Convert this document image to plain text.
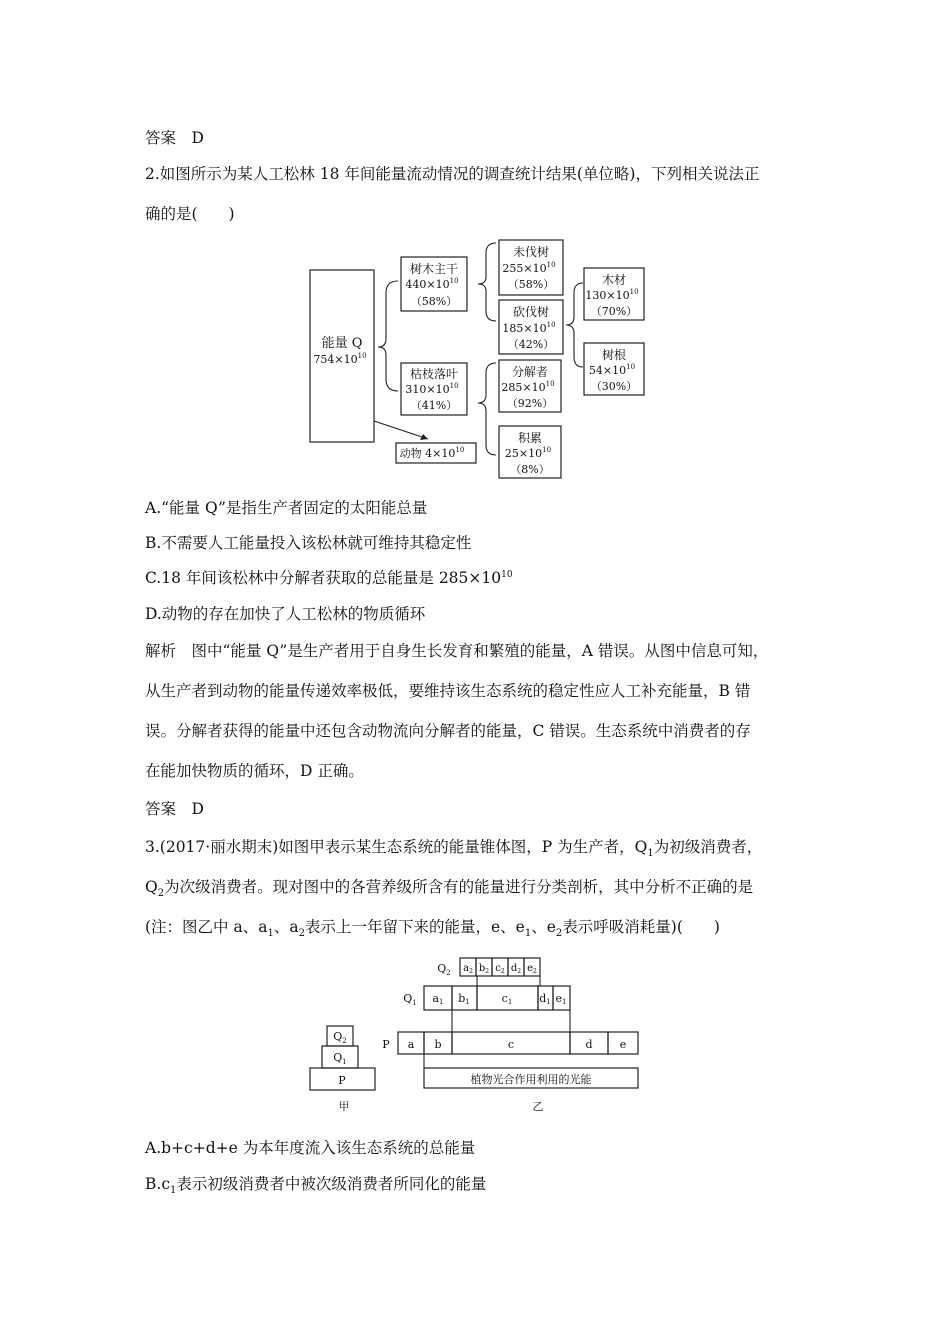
答案　 D
2.如图所示为某人工松林 18 年间能量流动情况的调查统计结果(单位略)，下列相关说法正
确的是(　　)
能量 Q
$754\times 10^{10}$
树木主干
$440\times 10^{10}$
（58%）
枯枝落叶
$310\times 10^{10}$
（41%）
动物 $4\times 10^{10}$
未伐树
$255\times 10^{10}$
（58%）
砍伐树
$185\times 10^{10}$
（42%）
分解者
$285\times 10^{10}$
（92%）
积累
$25\times 10^{10}$
（8%）
木材
$130\times 10^{10}$
（70%）
树根
$54\times 10^{10}$
（30%）
A.“能量 Q”是指生产者固定的太阳能总量
B.不需要人工能量投入该松林就可维持其稳定性
C.18 年间该松林中分解者获取的总能量是 $285\times 10^{10}$
D.动物的存在加快了人工松林的物质循环
解析　图中“能量 Q”是生产者用于自身生长发育和繁殖的能量，A 错误。从图中信息可知，
从生产者到动物的能量传递效率极低，要维持该生态系统的稳定性应人工补充能量，B 错
误。分解者获得的能量中还包含动物流向分解者的能量，C 错误。生态系统中消费者的存
在能加快物质的循环，D 正确。
答案　 D
3.(2017·丽水期末)如图甲表示某生态系统的能量锥体图，P 为生产者，$Q_1$为初级消费者，
$Q_2$为次级消费者。现对图中的各营养级所含有的能量进行分类剖析，其中分析不正确的是
(注：图乙中 a、$a_1$、$a_2$表示上一年留下来的能量，e、$e_1$、$e_2$表示呼吸消耗量)(　　)
$Q_2$
$Q_1$
P
甲
$Q_2$ $a_2$ $b_2$ $c_2$ $d_2$ $e_2$
$Q_1$ a1 b1	c1 d1 e1
P a b	c	d e
植物光合作用利用的光能
乙
A.b+c+d+e 为本年度流入该生态系统的总能量
$B.c_1$表示初级消费者中被次级消费者所同化的能量
